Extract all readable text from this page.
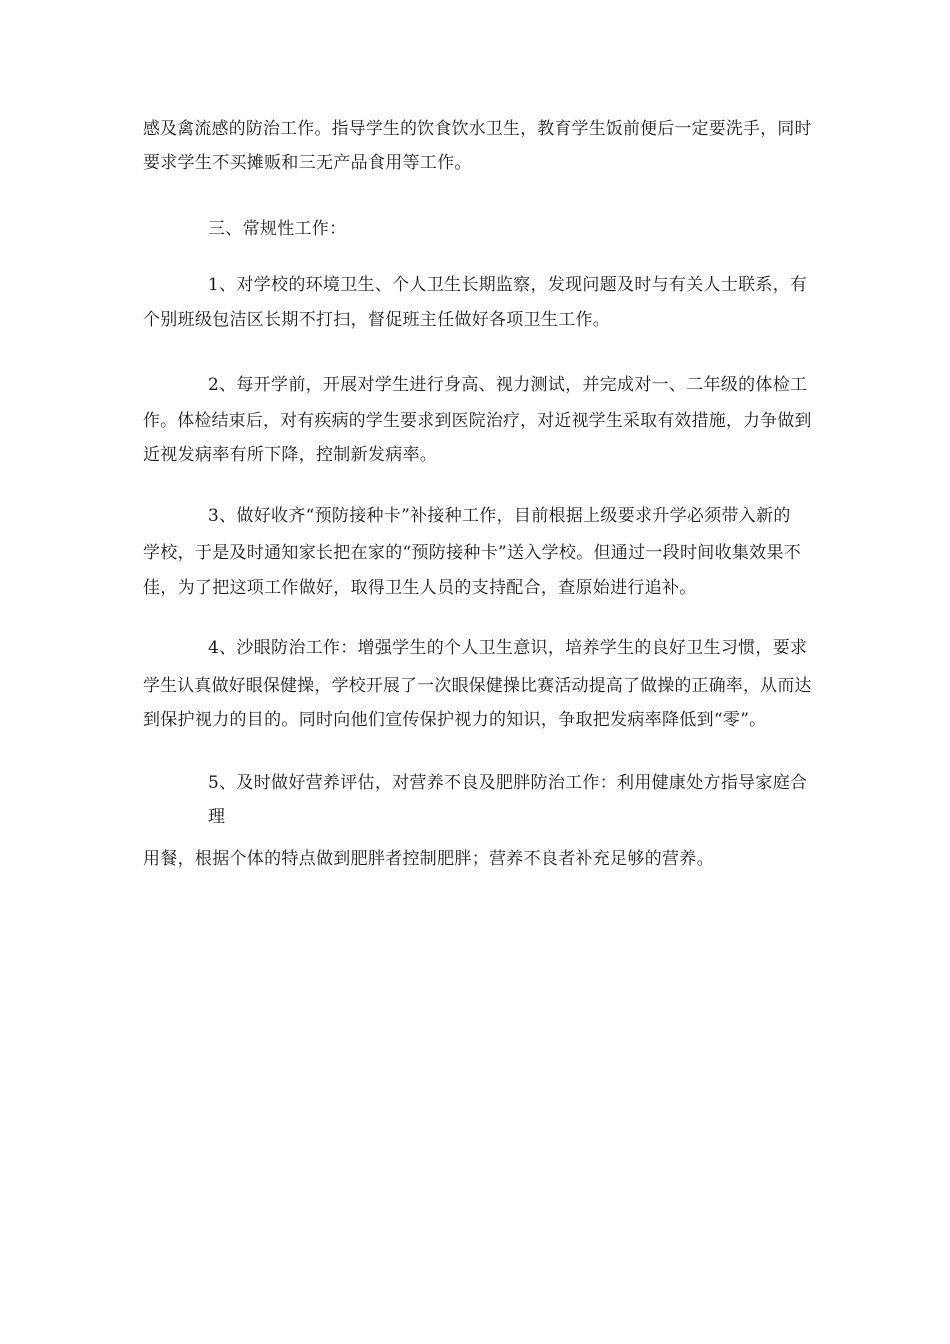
感及禽流感的防治工作。指导学生的饮食饮水卫生，教育学生饭前便后一定要洗手，同时
要求学生不买摊贩和三无产品食用等工作。
三、常规性工作：
1、对学校的环境卫生、个人卫生长期监察，发现问题及时与有关人士联系，有
个别班级包洁区长期不打扫，督促班主任做好各项卫生工作。
2、每开学前，开展对学生进行身高、视力测试，并完成对一、二年级的体检工
作。体检结束后，对有疾病的学生要求到医院治疗，对近视学生采取有效措施，力争做到
近视发病率有所下降，控制新发病率。
3、做好收齐“预防接种卡”补接种工作，目前根据上级要求升学必须带入新的
学校，于是及时通知家长把在家的“预防接种卡”送入学校。但通过一段时间收集效果不
佳，为了把这项工作做好，取得卫生人员的支持配合，查原始进行追补。
4、沙眼防治工作：增强学生的个人卫生意识，培养学生的良好卫生习惯，要求
学生认真做好眼保健操，学校开展了一次眼保健操比赛活动提高了做操的正确率，从而达
到保护视力的目的。同时向他们宣传保护视力的知识，争取把发病率降低到“零”。
5、及时做好营养评估，对营养不良及肥胖防治工作：利用健康处方指导家庭合
理
用餐，根据个体的特点做到肥胖者控制肥胖；营养不良者补充足够的营养。
